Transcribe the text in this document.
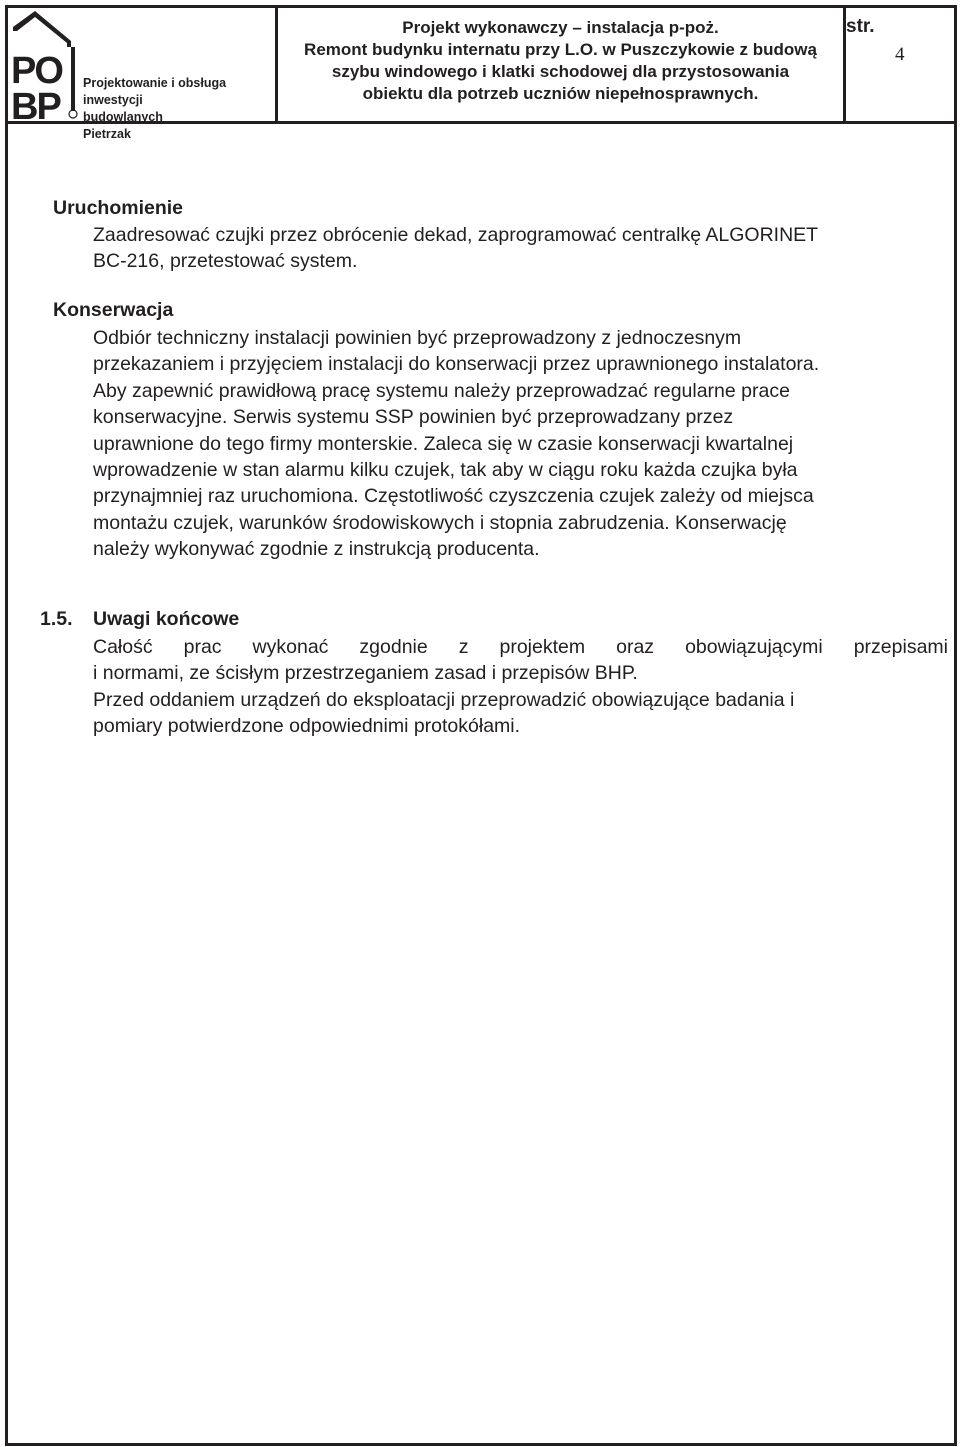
PO
BP
Projektowanie i obsługa inwestycji
budowlanych
Pietrzak
Projekt wykonawczy – instalacja p-poż.
Remont budynku internatu przy L.O. w Puszczykowie z budową
szybu windowego i klatki schodowej dla przystosowania
obiektu dla potrzeb uczniów niepełnosprawnych.
str.
4
Uruchomienie
Zaadresować czujki przez obrócenie dekad, zaprogramować centralkę ALGORINET
BC-216, przetestować system.
Konserwacja
Odbiór techniczny instalacji powinien być przeprowadzony z jednoczesnym
przekazaniem i przyjęciem instalacji do konserwacji przez uprawnionego instalatora.
Aby zapewnić prawidłową pracę systemu należy przeprowadzać regularne prace
konserwacyjne. Serwis systemu SSP powinien być przeprowadzany przez
uprawnione do tego firmy monterskie. Zaleca się w czasie konserwacji kwartalnej
wprowadzenie w stan alarmu kilku czujek, tak aby w ciągu roku każda czujka była
przynajmniej raz uruchomiona. Częstotliwość czyszczenia czujek zależy od miejsca
montażu czujek, warunków środowiskowych i stopnia zabrudzenia. Konserwację
należy wykonywać zgodnie z instrukcją producenta.
1.5. Uwagi końcowe
Całość prac wykonać zgodnie z projektem oraz obowiązującymi przepisami
i normami, ze ścisłym przestrzeganiem zasad i przepisów BHP.
Przed oddaniem urządzeń do eksploatacji przeprowadzić obowiązujące badania i
pomiary potwierdzone odpowiednimi protokółami.
